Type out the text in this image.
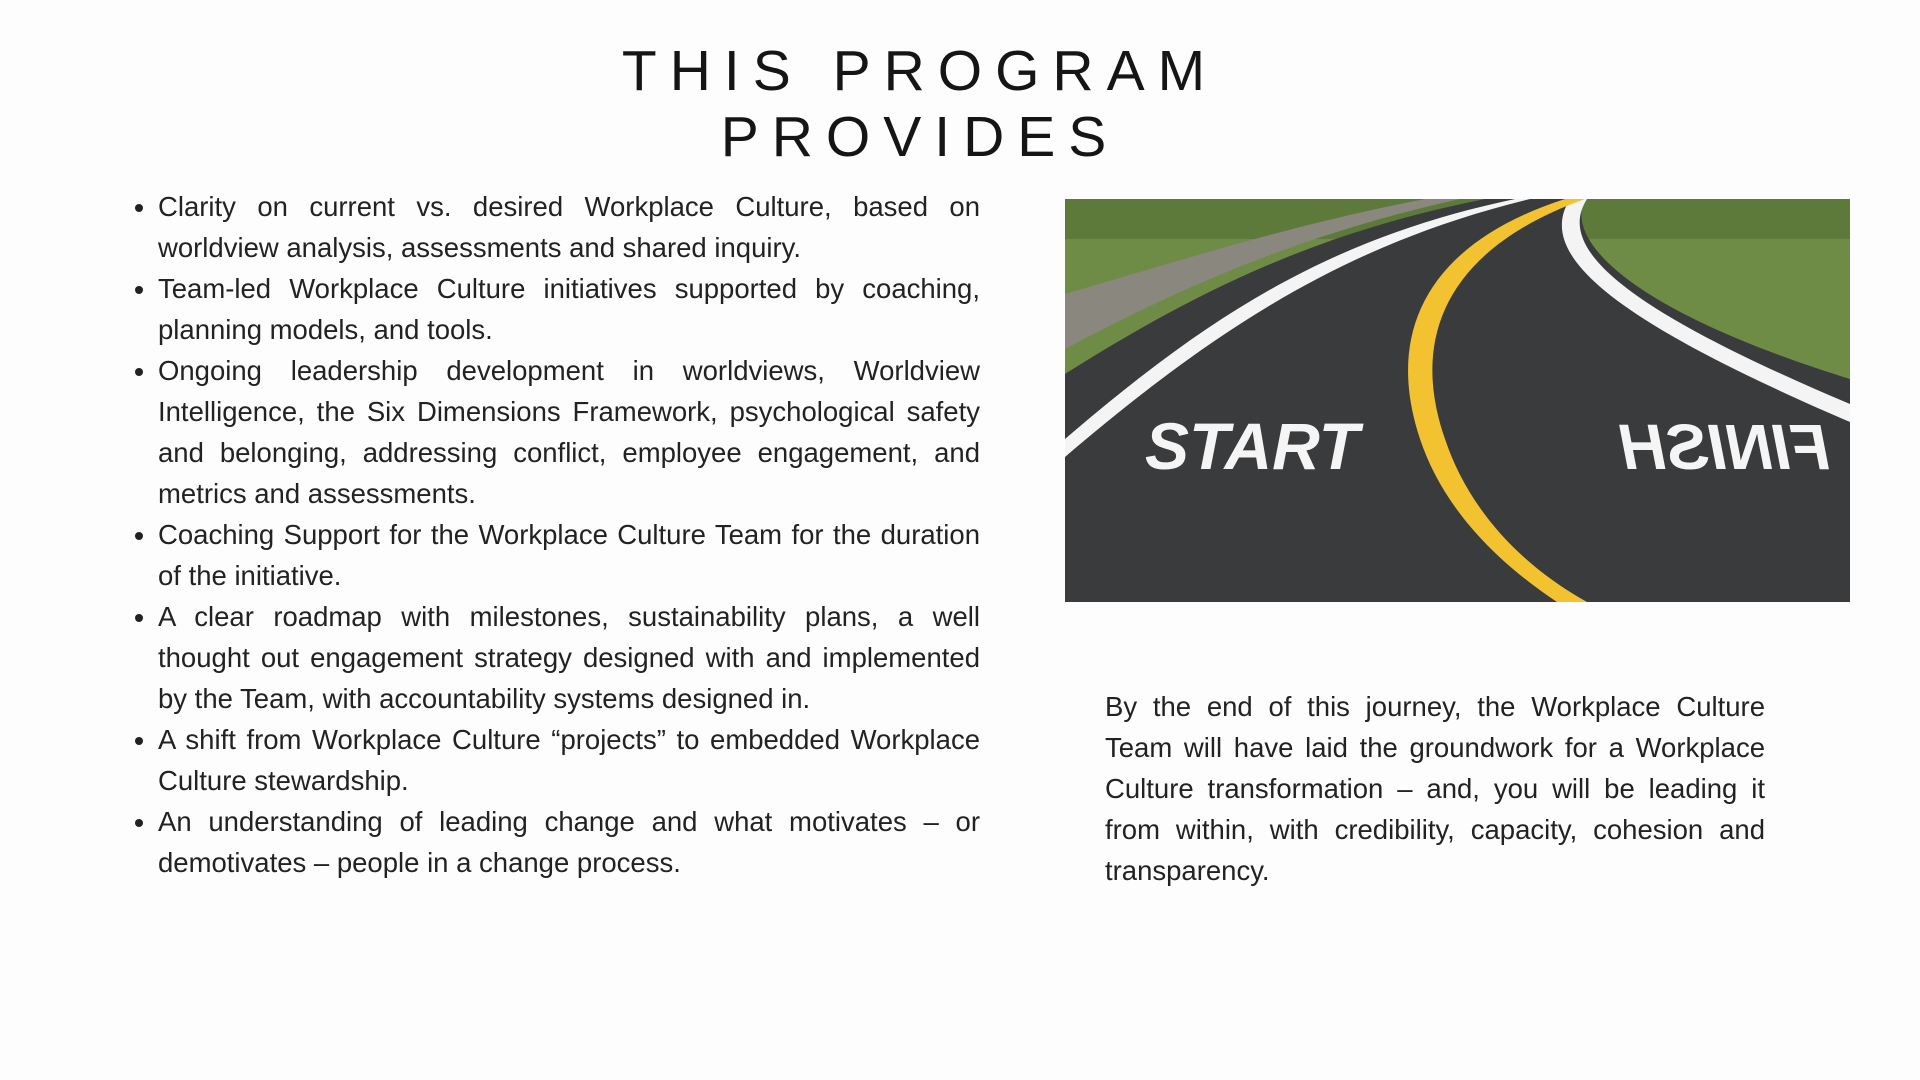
THIS PROGRAM PROVIDES
• Clarity on current vs. desired Workplace Culture, based on worldview analysis, assessments and shared inquiry.
• Team-led Workplace Culture initiatives supported by coaching, planning models, and tools.
• Ongoing leadership development in worldviews, Worldview Intelligence, the Six Dimensions Framework, psychological safety and belonging, addressing conflict, employee engagement, and metrics and assessments.
• Coaching Support for the Workplace Culture Team for the duration of the initiative.
• A clear roadmap with milestones, sustainability plans, a well thought out engagement strategy designed with and implemented by the Team, with accountability systems designed in.
• A shift from Workplace Culture “projects” to embedded Workplace Culture stewardship.
• An understanding of leading change and what motivates – or demotivates – people in a change process.
START	FINISH

By the end of this journey, the Workplace Culture Team will have laid the groundwork for a Workplace Culture transformation – and, you will be leading it from within, with credibility, capacity, cohesion and transparency.
